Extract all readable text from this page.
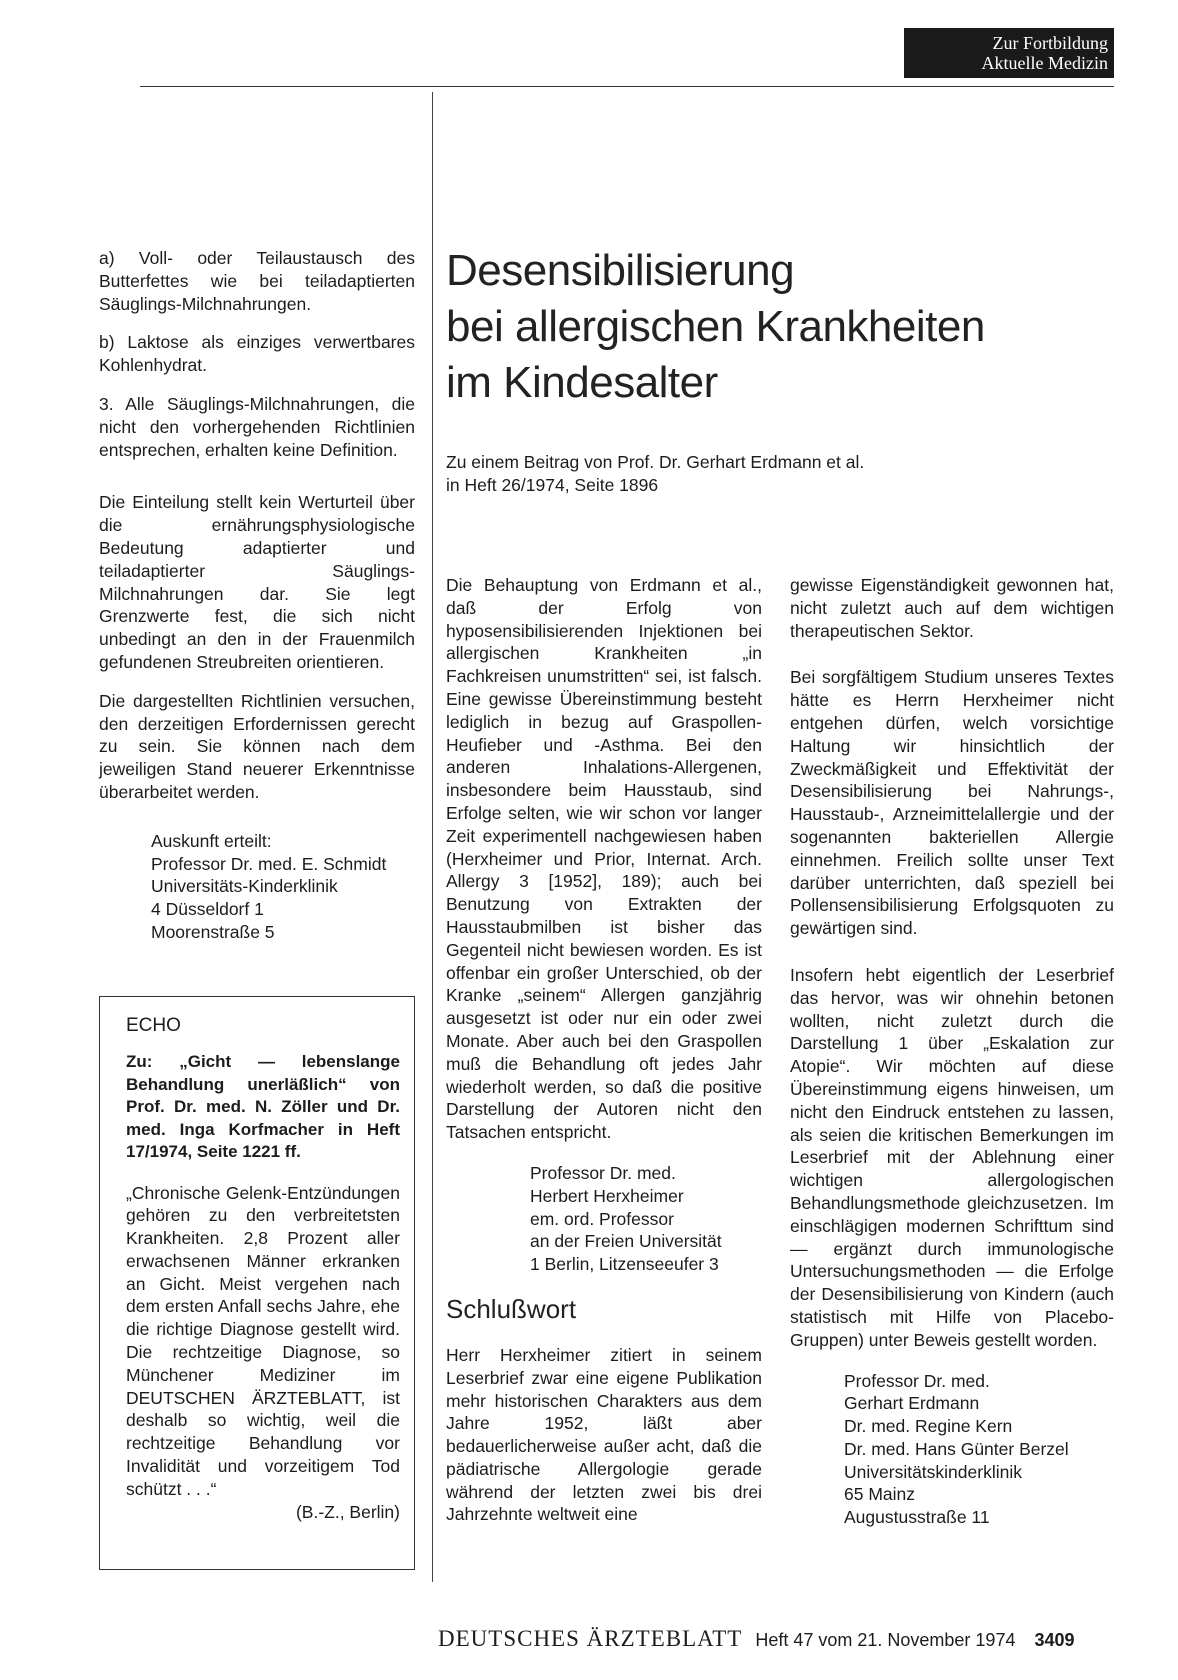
Zur Fortbildung
Aktuelle Medizin

a) Voll- oder Teilaustausch des Butterfettes wie bei teiladaptierten Säuglings-Milchnahrungen.

b) Laktose als einziges verwertbares Kohlenhydrat.

3. Alle Säuglings-Milchnahrungen, die nicht den vorhergehenden Richtlinien entsprechen, erhalten keine Definition.

Die Einteilung stellt kein Werturteil über die ernährungsphysiologische Bedeutung adaptierter und teiladaptierter Säuglings-Milchnahrungen dar. Sie legt Grenzwerte fest, die sich nicht unbedingt an den in der Frauenmilch gefundenen Streubreiten orientieren.

Die dargestellten Richtlinien versuchen, den derzeitigen Erfordernissen gerecht zu sein. Sie können nach dem jeweiligen Stand neuerer Erkenntnisse überarbeitet werden.

Auskunft erteilt:
Professor Dr. med. E. Schmidt
Universitäts-Kinderklinik
4 Düsseldorf 1
Moorenstraße 5
ECHO
Zu: „Gicht — lebenslange Behandlung unerläßlich“ von Prof. Dr. med. N. Zöller und Dr. med. Inga Korfmacher in Heft 17/1974, Seite 1221 ff.
„Chronische Gelenk-Entzündungen gehören zu den verbreitetsten Krankheiten. 2,8 Prozent aller erwachsenen Männer erkranken an Gicht. Meist vergehen nach dem ersten Anfall sechs Jahre, ehe die richtige Diagnose gestellt wird. Die rechtzeitige Diagnose, so Münchener Mediziner im DEUTSCHEN ÄRZTEBLATT, ist deshalb so wichtig, weil die rechtzeitige Behandlung vor Invalidität und vorzeitigem Tod schützt . . .“
(B.-Z., Berlin)
Desensibilisierung
bei allergischen Krankheiten
im Kindesalter
Zu einem Beitrag von Prof. Dr. Gerhart Erdmann et al.
in Heft 26/1974, Seite 1896

Die Behauptung von Erdmann et al., daß der Erfolg von hyposensibilisierenden Injektionen bei allergischen Krankheiten „in Fachkreisen unumstritten“ sei, ist falsch. Eine gewisse Übereinstimmung besteht lediglich in bezug auf Graspollen-Heufieber und -Asthma. Bei den anderen Inhalations-Allergenen, insbesondere beim Hausstaub, sind Erfolge selten, wie wir schon vor langer Zeit experimentell nachgewiesen haben (Herxheimer und Prior, Internat. Arch. Allergy 3 [1952], 189); auch bei Benutzung von Extrakten der Hausstaubmilben ist bisher das Gegenteil nicht bewiesen worden. Es ist offenbar ein großer Unterschied, ob der Kranke „seinem“ Allergen ganzjährig ausgesetzt ist oder nur ein oder zwei Monate. Aber auch bei den Graspollen muß die Behandlung oft jedes Jahr wiederholt werden, so daß die positive Darstellung der Autoren nicht den Tatsachen entspricht.

Professor Dr. med.
Herbert Herxheimer
em. ord. Professor
an der Freien Universität
1 Berlin, Litzenseeufer 3
Schlußwort

Herr Herxheimer zitiert in seinem Leserbrief zwar eine eigene Publikation mehr historischen Charakters aus dem Jahre 1952, läßt aber bedauerlicherweise außer acht, daß die pädiatrische Allergologie gerade während der letzten zwei bis drei Jahrzehnte weltweit eine

gewisse Eigenständigkeit gewonnen hat, nicht zuletzt auch auf dem wichtigen therapeutischen Sektor.

Bei sorgfältigem Studium unseres Textes hätte es Herrn Herxheimer nicht entgehen dürfen, welch vorsichtige Haltung wir hinsichtlich der Zweckmäßigkeit und Effektivität der Desensibilisierung bei Nahrungs-, Hausstaub-, Arzneimittelallergie und der sogenannten bakteriellen Allergie einnehmen. Freilich sollte unser Text darüber unterrichten, daß speziell bei Pollensensibilisierung Erfolgsquoten zu gewärtigen sind.

Insofern hebt eigentlich der Leserbrief das hervor, was wir ohnehin betonen wollten, nicht zuletzt durch die Darstellung 1 über „Eskalation zur Atopie“. Wir möchten auf diese Übereinstimmung eigens hinweisen, um nicht den Eindruck entstehen zu lassen, als seien die kritischen Bemerkungen im Leserbrief mit der Ablehnung einer wichtigen allergologischen Behandlungsmethode gleichzusetzen. Im einschlägigen modernen Schrifttum sind — ergänzt durch immunologische Untersuchungsmethoden — die Erfolge der Desensibilisierung von Kindern (auch statistisch mit Hilfe von Placebo-Gruppen) unter Beweis gestellt worden.

Professor Dr. med.
Gerhart Erdmann
Dr. med. Regine Kern
Dr. med. Hans Günter Berzel
Universitätskinderklinik
65 Mainz
Augustusstraße 11
DEUTSCHES ÄRZTEBLATT Heft 47 vom 21. November 1974 3409
